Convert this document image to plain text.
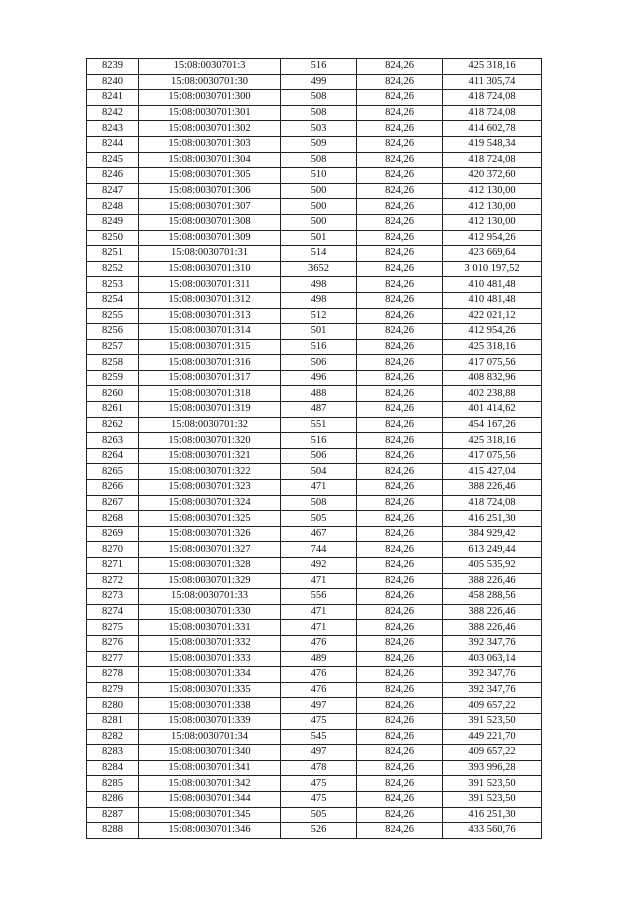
8239	15:08:0030701:3	516	824,26	425 318,16
8240	15:08:0030701:30	499	824,26	411 305,74
8241	15:08:0030701:300	508	824,26	418 724,08
8242	15:08:0030701:301	508	824,26	418 724,08
8243	15:08:0030701:302	503	824,26	414 602,78
8244	15:08:0030701:303	509	824,26	419 548,34
8245	15:08:0030701:304	508	824,26	418 724,08
8246	15:08:0030701:305	510	824,26	420 372,60
8247	15:08:0030701:306	500	824,26	412 130,00
8248	15:08:0030701:307	500	824,26	412 130,00
8249	15:08:0030701:308	500	824,26	412 130,00
8250	15:08:0030701:309	501	824,26	412 954,26
8251	15:08:0030701:31	514	824,26	423 669,64
8252	15:08:0030701:310	3652	824,26	3 010 197,52
8253	15:08:0030701:311	498	824,26	410 481,48
8254	15:08:0030701:312	498	824,26	410 481,48
8255	15:08:0030701:313	512	824,26	422 021,12
8256	15:08:0030701:314	501	824,26	412 954,26
8257	15:08:0030701:315	516	824,26	425 318,16
8258	15:08:0030701:316	506	824,26	417 075,56
8259	15:08:0030701:317	496	824,26	408 832,96
8260	15:08:0030701:318	488	824,26	402 238,88
8261	15:08:0030701:319	487	824,26	401 414,62
8262	15:08:0030701:32	551	824,26	454 167,26
8263	15:08:0030701:320	516	824,26	425 318,16
8264	15:08:0030701:321	506	824,26	417 075,56
8265	15:08:0030701:322	504	824,26	415 427,04
8266	15:08:0030701:323	471	824,26	388 226,46
8267	15:08:0030701:324	508	824,26	418 724,08
8268	15:08:0030701:325	505	824,26	416 251,30
8269	15:08:0030701:326	467	824,26	384 929,42
8270	15:08:0030701:327	744	824,26	613 249,44
8271	15:08:0030701:328	492	824,26	405 535,92
8272	15:08:0030701:329	471	824,26	388 226,46
8273	15:08:0030701:33	556	824,26	458 288,56
8274	15:08:0030701:330	471	824,26	388 226,46
8275	15:08:0030701:331	471	824,26	388 226,46
8276	15:08:0030701:332	476	824,26	392 347,76
8277	15:08:0030701:333	489	824,26	403 063,14
8278	15:08:0030701:334	476	824,26	392 347,76
8279	15:08:0030701:335	476	824,26	392 347,76
8280	15:08:0030701:338	497	824,26	409 657,22
8281	15:08:0030701:339	475	824,26	391 523,50
8282	15:08:0030701:34	545	824,26	449 221,70
8283	15:08:0030701:340	497	824,26	409 657,22
8284	15:08:0030701:341	478	824,26	393 996,28
8285	15:08:0030701:342	475	824,26	391 523,50
8286	15:08:0030701:344	475	824,26	391 523,50
8287	15:08:0030701:345	505	824,26	416 251,30
8288	15:08:0030701:346	526	824,26	433 560,76
